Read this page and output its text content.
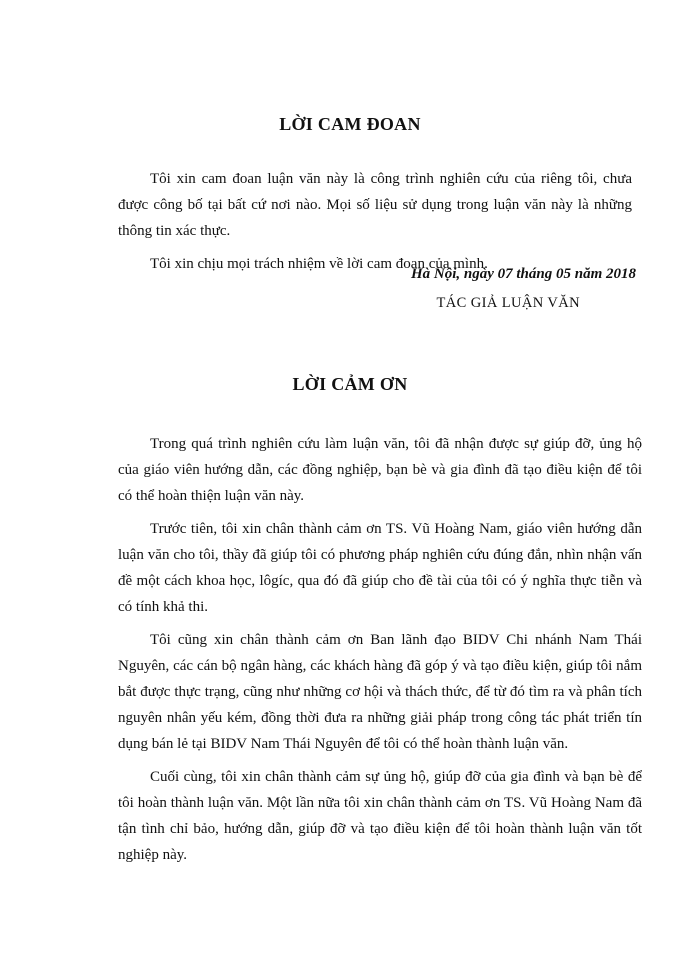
LỜI CAM ĐOAN

Tôi xin cam đoan luận văn này là công trình nghiên cứu của riêng tôi, chưa được công bố tại bất cứ nơi nào. Mọi số liệu sử dụng trong luận văn này là những thông tin xác thực.

Tôi xin chịu mọi trách nhiệm về lời cam đoan của mình.

Hà Nội, ngày 07 tháng 05 năm 2018

TÁC GIẢ LUẬN VĂN

LỜI CẢM ƠN

Trong quá trình nghiên cứu làm luận văn, tôi đã nhận được sự giúp đỡ, ủng hộ của giáo viên hướng dẫn, các đồng nghiệp, bạn bè và gia đình đã tạo điều kiện để tôi có thể hoàn thiện luận văn này.

Trước tiên, tôi xin chân thành cảm ơn TS. Vũ Hoàng Nam, giáo viên hướng dẫn luận văn cho tôi, thầy đã giúp tôi có phương pháp nghiên cứu đúng đắn, nhìn nhận vấn đề một cách khoa học, lôgíc, qua đó đã giúp cho đề tài của tôi có ý nghĩa thực tiễn và có tính khả thi.

Tôi cũng xin chân thành cảm ơn Ban lãnh đạo BIDV Chi nhánh Nam Thái Nguyên, các cán bộ ngân hàng, các khách hàng đã góp ý và tạo điều kiện, giúp tôi nắm bắt được thực trạng, cũng như những cơ hội và thách thức, để từ đó tìm ra và phân tích nguyên nhân yếu kém, đồng thời đưa ra những giải pháp trong công tác phát triển tín dụng bán lẻ tại BIDV Nam Thái Nguyên để tôi có thể hoàn thành luận văn.

Cuối cùng, tôi xin chân thành cảm sự ủng hộ, giúp đỡ của gia đình và bạn bè để tôi hoàn thành luận văn. Một lần nữa tôi xin chân thành cảm ơn TS. Vũ Hoàng Nam đã tận tình chỉ bảo, hướng dẫn, giúp đỡ và tạo điều kiện để tôi hoàn thành luận văn tốt nghiệp này.
